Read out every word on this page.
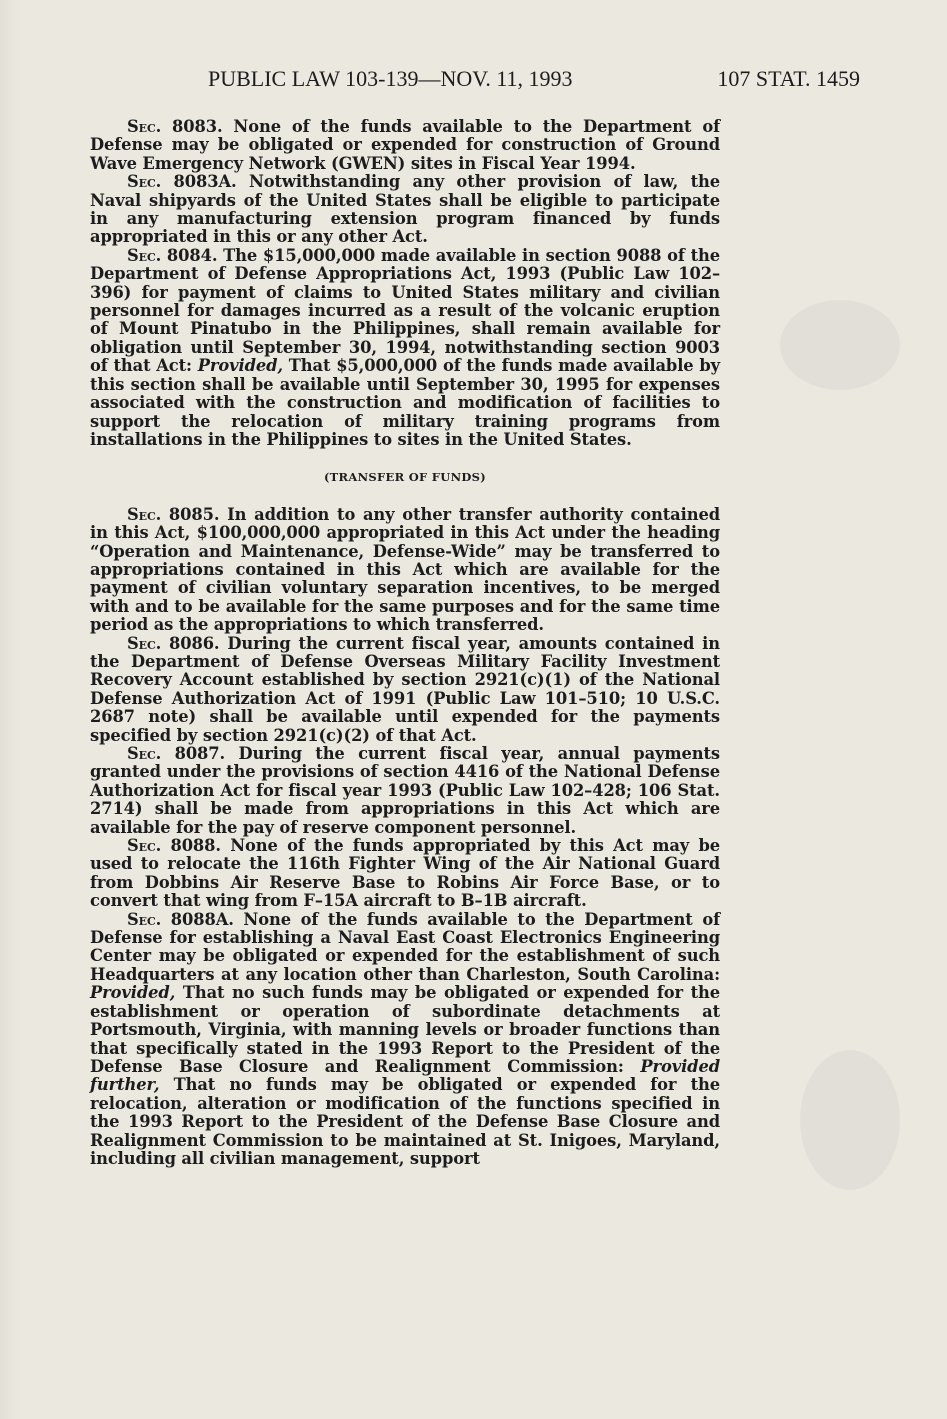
PUBLIC LAW 103-139—NOV. 11, 1993	107 STAT. 1459

Sec. 8083. None of the funds available to the Department of Defense may be obligated or expended for construction of Ground Wave Emergency Network (GWEN) sites in Fiscal Year 1994.

Sec. 8083A. Notwithstanding any other provision of law, the Naval shipyards of the United States shall be eligible to participate in any manufacturing extension program financed by funds appropriated in this or any other Act.

Sec. 8084. The $15,000,000 made available in section 9088 of the Department of Defense Appropriations Act, 1993 (Public Law 102–396) for payment of claims to United States military and civilian personnel for damages incurred as a result of the volcanic eruption of Mount Pinatubo in the Philippines, shall remain available for obligation until September 30, 1994, notwithstanding section 9003 of that Act: Provided, That $5,000,000 of the funds made available by this section shall be available until September 30, 1995 for expenses associated with the construction and modification of facilities to support the relocation of military training programs from installations in the Philippines to sites in the United States.

(TRANSFER OF FUNDS)

Sec. 8085. In addition to any other transfer authority contained in this Act, $100,000,000 appropriated in this Act under the heading “Operation and Maintenance, Defense-Wide” may be transferred to appropriations contained in this Act which are available for the payment of civilian voluntary separation incentives, to be merged with and to be available for the same purposes and for the same time period as the appropriations to which transferred.

Sec. 8086. During the current fiscal year, amounts contained in the Department of Defense Overseas Military Facility Investment Recovery Account established by section 2921(c)(1) of the National Defense Authorization Act of 1991 (Public Law 101–510; 10 U.S.C. 2687 note) shall be available until expended for the payments specified by section 2921(c)(2) of that Act.

Sec. 8087. During the current fiscal year, annual payments granted under the provisions of section 4416 of the National Defense Authorization Act for fiscal year 1993 (Public Law 102–428; 106 Stat. 2714) shall be made from appropriations in this Act which are available for the pay of reserve component personnel.

Sec. 8088. None of the funds appropriated by this Act may be used to relocate the 116th Fighter Wing of the Air National Guard from Dobbins Air Reserve Base to Robins Air Force Base, or to convert that wing from F–15A aircraft to B–1B aircraft.

Sec. 8088A. None of the funds available to the Department of Defense for establishing a Naval East Coast Electronics Engineering Center may be obligated or expended for the establishment of such Headquarters at any location other than Charleston, South Carolina: Provided, That no such funds may be obligated or expended for the establishment or operation of subordinate detachments at Portsmouth, Virginia, with manning levels or broader functions than that specifically stated in the 1993 Report to the President of the Defense Base Closure and Realignment Commission: Provided further, That no funds may be obligated or expended for the relocation, alteration or modification of the functions specified in the 1993 Report to the President of the Defense Base Closure and Realignment Commission to be maintained at St. Inigoes, Maryland, including all civilian management, support
